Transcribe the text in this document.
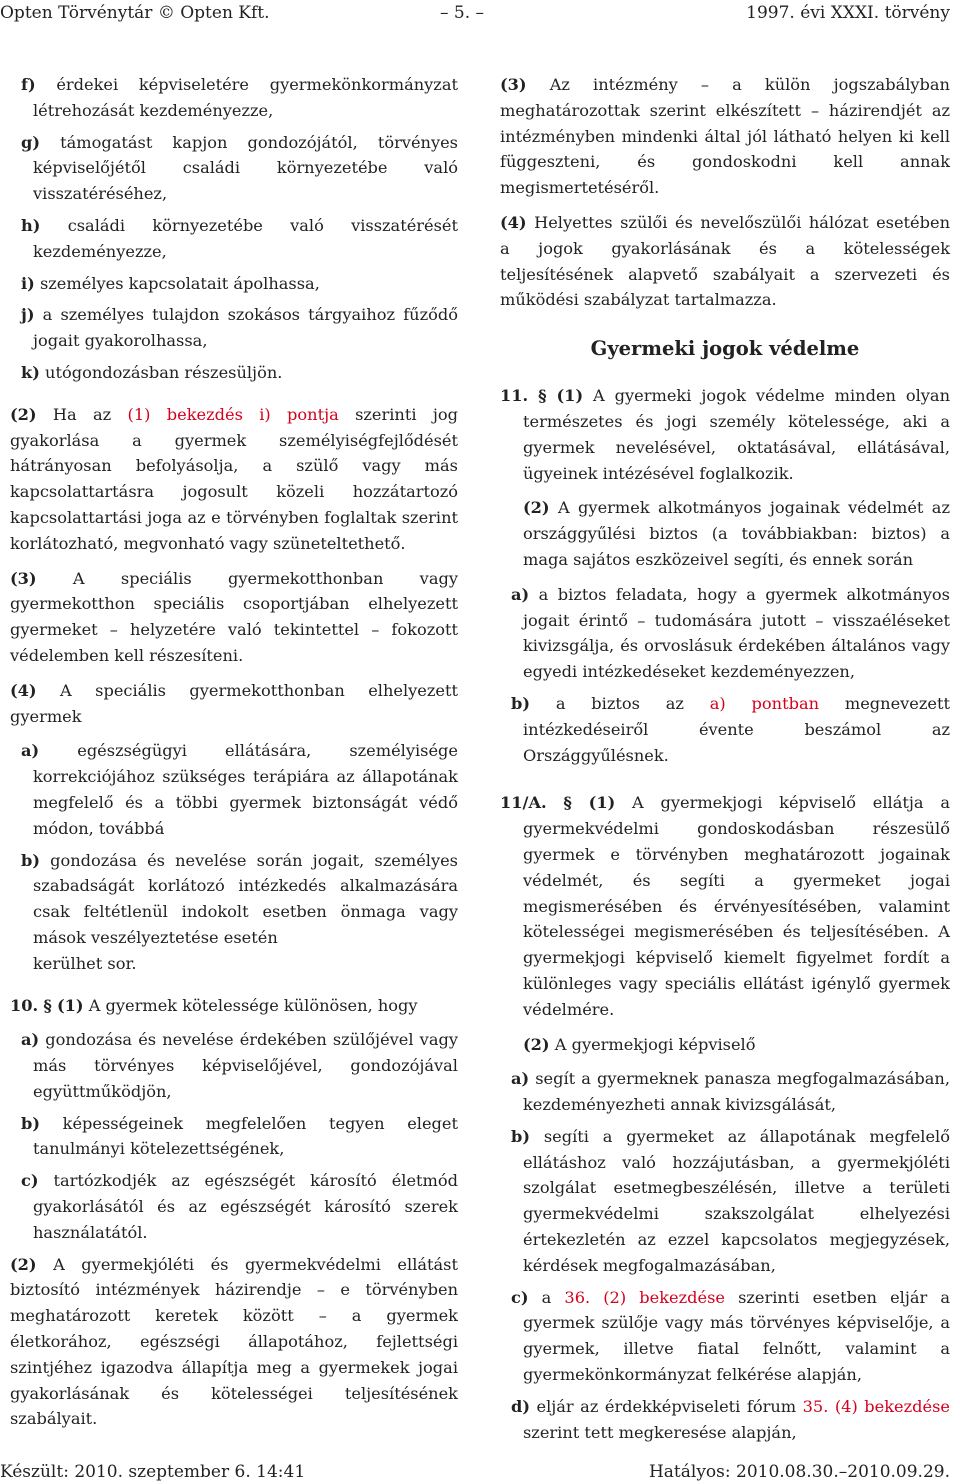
Opten Törvénytár © Opten Kft.	– 5. –	1997. évi XXXI. törvény

f) érdekei képviseletére gyermekönkormányzat létrehozását kezdeményezze,

g) támogatást kapjon gondozójától, törvényes képviselőjétől családi környezetébe való visszatéréséhez,

h) családi környezetébe való visszatérését kezdeményezze,

i) személyes kapcsolatait ápolhassa,

j) a személyes tulajdon szokásos tárgyaihoz fűződő jogait gyakorolhassa,

k) utógondozásban részesüljön.

(2) Ha az (1) bekezdés i) pontja szerinti jog gyakorlása a gyermek személyiségfejlődését hátrányosan befolyásolja, a szülő vagy más kapcsolattartásra jogosult közeli hozzátartozó kapcsolattartási joga az e törvényben foglaltak szerint korlátozható, megvonható vagy szüneteltethető.

(3) A speciális gyermekotthonban vagy gyermekotthon speciális csoportjában elhelyezett gyermeket – helyzetére való tekintettel – fokozott védelemben kell részesíteni.

(4) A speciális gyermekotthonban elhelyezett gyermek

a) egészségügyi ellátására, személyisége korrekciójához szükséges terápiára az állapotának megfelelő és a többi gyermek biztonságát védő módon, továbbá

b) gondozása és nevelése során jogait, személyes szabadságát korlátozó intézkedés alkalmazására csak feltétlenül indokolt esetben önmaga vagy mások veszélyeztetése esetén

kerülhet sor.

10. § (1) A gyermek kötelessége különösen, hogy

a) gondozása és nevelése érdekében szülőjével vagy más törvényes képviselőjével, gondozójával együttműködjön,

b) képességeinek megfelelően tegyen eleget tanulmányi kötelezettségének,

c) tartózkodjék az egészségét károsító életmód gyakorlásától és az egészségét károsító szerek használatától.

(2) A gyermekjóléti és gyermekvédelmi ellátást biztosító intézmények házirendje – e törvényben meghatározott keretek között – a gyermek életkorához, egészségi állapotához, fejlettségi szintjéhez igazodva állapítja meg a gyermekek jogai gyakorlásának és kötelességei teljesítésének szabályait.

(3) Az intézmény – a külön jogszabályban meghatározottak szerint elkészített – házirendjét az intézményben mindenki által jól látható helyen ki kell függeszteni, és gondoskodni kell annak megismertetéséről.

(4) Helyettes szülői és nevelőszülői hálózat esetében a jogok gyakorlásának és a kötelességek teljesítésének alapvető szabályait a szervezeti és működési szabályzat tartalmazza.

Gyermeki jogok védelme

11. § (1) A gyermeki jogok védelme minden olyan természetes és jogi személy kötelessége, aki a gyermek nevelésével, oktatásával, ellátásával, ügyeinek intézésével foglalkozik.

(2) A gyermek alkotmányos jogainak védelmét az országgyűlési biztos (a továbbiakban: biztos) a maga sajátos eszközeivel segíti, és ennek során

a) a biztos feladata, hogy a gyermek alkotmányos jogait érintő – tudomására jutott – visszaéléseket kivizsgálja, és orvoslásuk érdekében általános vagy egyedi intézkedéseket kezdeményezzen,

b) a biztos az a) pontban megnevezett intézkedéseiről évente beszámol az Országgyűlésnek.

11/A. § (1) A gyermekjogi képviselő ellátja a gyermekvédelmi gondoskodásban részesülő gyermek e törvényben meghatározott jogainak védelmét, és segíti a gyermeket jogai megismerésében és érvényesítésében, valamint kötelességei megismerésében és teljesítésében. A gyermekjogi képviselő kiemelt figyelmet fordít a különleges vagy speciális ellátást igénylő gyermek védelmére.

(2) A gyermekjogi képviselő

a) segít a gyermeknek panasza megfogalmazásában, kezdeményezheti annak kivizsgálását,

b) segíti a gyermeket az állapotának megfelelő ellátáshoz való hozzájutásban, a gyermekjóléti szolgálat esetmegbeszélésén, illetve a területi gyermekvédelmi szakszolgálat elhelyezési értekezletén az ezzel kapcsolatos megjegyzések, kérdések megfogalmazásában,

c) a 36. (2) bekezdése szerinti esetben eljár a gyermek szülője vagy más törvényes képviselője, a gyermek, illetve fiatal felnőtt, valamint a gyermekönkormányzat felkérése alapján,

d) eljár az érdekképviseleti fórum 35. (4) bekezdése szerint tett megkeresése alapján,

Készült: 2010. szeptember 6. 14:41	Hatályos: 2010.08.30.–2010.09.29.
